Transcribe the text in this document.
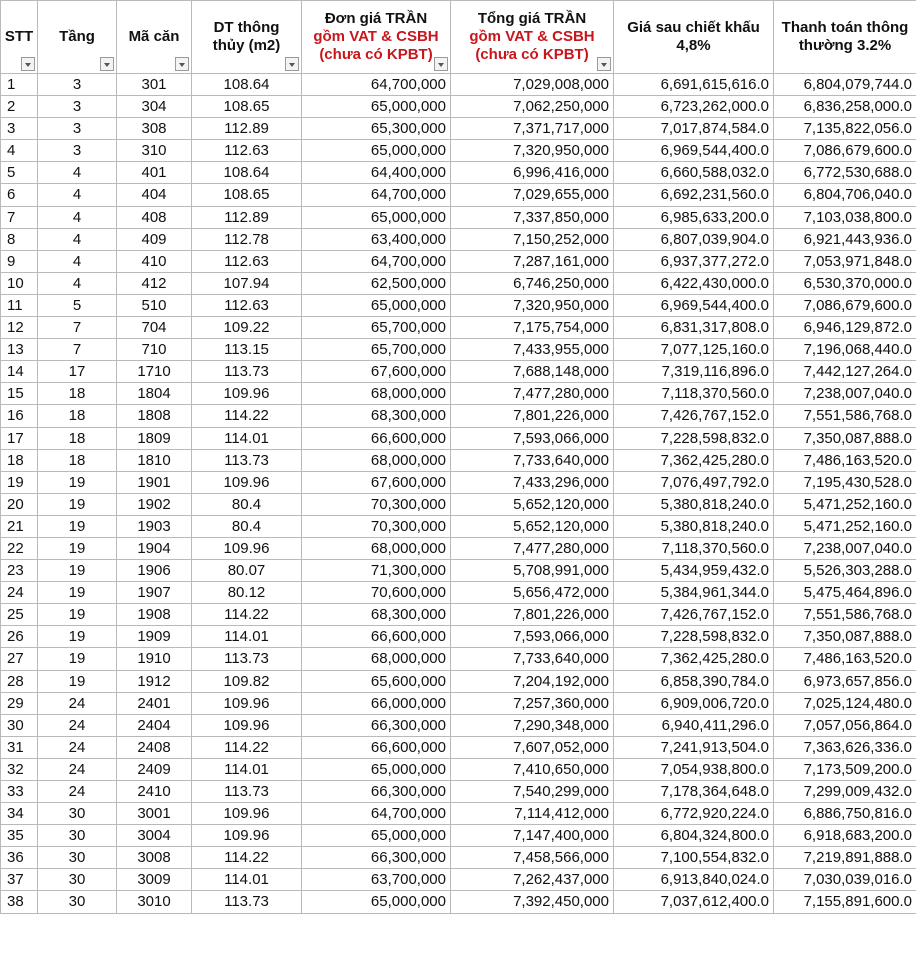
STT	Tầng	Mã căn	DT thông
thủy (m2)	Đơn giá TRẦN
gồm VAT & CSBH
(chưa có KPBT)	Tổng giá TRẦN
gồm VAT & CSBH
(chưa có KPBT)	Giá sau chiết khấu
4,8%	Thanh toán thông
thường 3.2%

1	3	301	108.64	64,700,000	7,029,008,000	6,691,615,616.0	6,804,079,744.0
2	3	304	108.65	65,000,000	7,062,250,000	6,723,262,000.0	6,836,258,000.0
3	3	308	112.89	65,300,000	7,371,717,000	7,017,874,584.0	7,135,822,056.0
4	3	310	112.63	65,000,000	7,320,950,000	6,969,544,400.0	7,086,679,600.0
5	4	401	108.64	64,400,000	6,996,416,000	6,660,588,032.0	6,772,530,688.0
6	4	404	108.65	64,700,000	7,029,655,000	6,692,231,560.0	6,804,706,040.0
7	4	408	112.89	65,000,000	7,337,850,000	6,985,633,200.0	7,103,038,800.0
8	4	409	112.78	63,400,000	7,150,252,000	6,807,039,904.0	6,921,443,936.0
9	4	410	112.63	64,700,000	7,287,161,000	6,937,377,272.0	7,053,971,848.0
10	4	412	107.94	62,500,000	6,746,250,000	6,422,430,000.0	6,530,370,000.0
11	5	510	112.63	65,000,000	7,320,950,000	6,969,544,400.0	7,086,679,600.0
12	7	704	109.22	65,700,000	7,175,754,000	6,831,317,808.0	6,946,129,872.0
13	7	710	113.15	65,700,000	7,433,955,000	7,077,125,160.0	7,196,068,440.0
14	17	1710	113.73	67,600,000	7,688,148,000	7,319,116,896.0	7,442,127,264.0
15	18	1804	109.96	68,000,000	7,477,280,000	7,118,370,560.0	7,238,007,040.0
16	18	1808	114.22	68,300,000	7,801,226,000	7,426,767,152.0	7,551,586,768.0
17	18	1809	114.01	66,600,000	7,593,066,000	7,228,598,832.0	7,350,087,888.0
18	18	1810	113.73	68,000,000	7,733,640,000	7,362,425,280.0	7,486,163,520.0
19	19	1901	109.96	67,600,000	7,433,296,000	7,076,497,792.0	7,195,430,528.0
20	19	1902	80.4	70,300,000	5,652,120,000	5,380,818,240.0	5,471,252,160.0
21	19	1903	80.4	70,300,000	5,652,120,000	5,380,818,240.0	5,471,252,160.0
22	19	1904	109.96	68,000,000	7,477,280,000	7,118,370,560.0	7,238,007,040.0
23	19	1906	80.07	71,300,000	5,708,991,000	5,434,959,432.0	5,526,303,288.0
24	19	1907	80.12	70,600,000	5,656,472,000	5,384,961,344.0	5,475,464,896.0
25	19	1908	114.22	68,300,000	7,801,226,000	7,426,767,152.0	7,551,586,768.0
26	19	1909	114.01	66,600,000	7,593,066,000	7,228,598,832.0	7,350,087,888.0
27	19	1910	113.73	68,000,000	7,733,640,000	7,362,425,280.0	7,486,163,520.0
28	19	1912	109.82	65,600,000	7,204,192,000	6,858,390,784.0	6,973,657,856.0
29	24	2401	109.96	66,000,000	7,257,360,000	6,909,006,720.0	7,025,124,480.0
30	24	2404	109.96	66,300,000	7,290,348,000	6,940,411,296.0	7,057,056,864.0
31	24	2408	114.22	66,600,000	7,607,052,000	7,241,913,504.0	7,363,626,336.0
32	24	2409	114.01	65,000,000	7,410,650,000	7,054,938,800.0	7,173,509,200.0
33	24	2410	113.73	66,300,000	7,540,299,000	7,178,364,648.0	7,299,009,432.0
34	30	3001	109.96	64,700,000	7,114,412,000	6,772,920,224.0	6,886,750,816.0
35	30	3004	109.96	65,000,000	7,147,400,000	6,804,324,800.0	6,918,683,200.0
36	30	3008	114.22	66,300,000	7,458,566,000	7,100,554,832.0	7,219,891,888.0
37	30	3009	114.01	63,700,000	7,262,437,000	6,913,840,024.0	7,030,039,016.0
38	30	3010	113.73	65,000,000	7,392,450,000	7,037,612,400.0	7,155,891,600.0
